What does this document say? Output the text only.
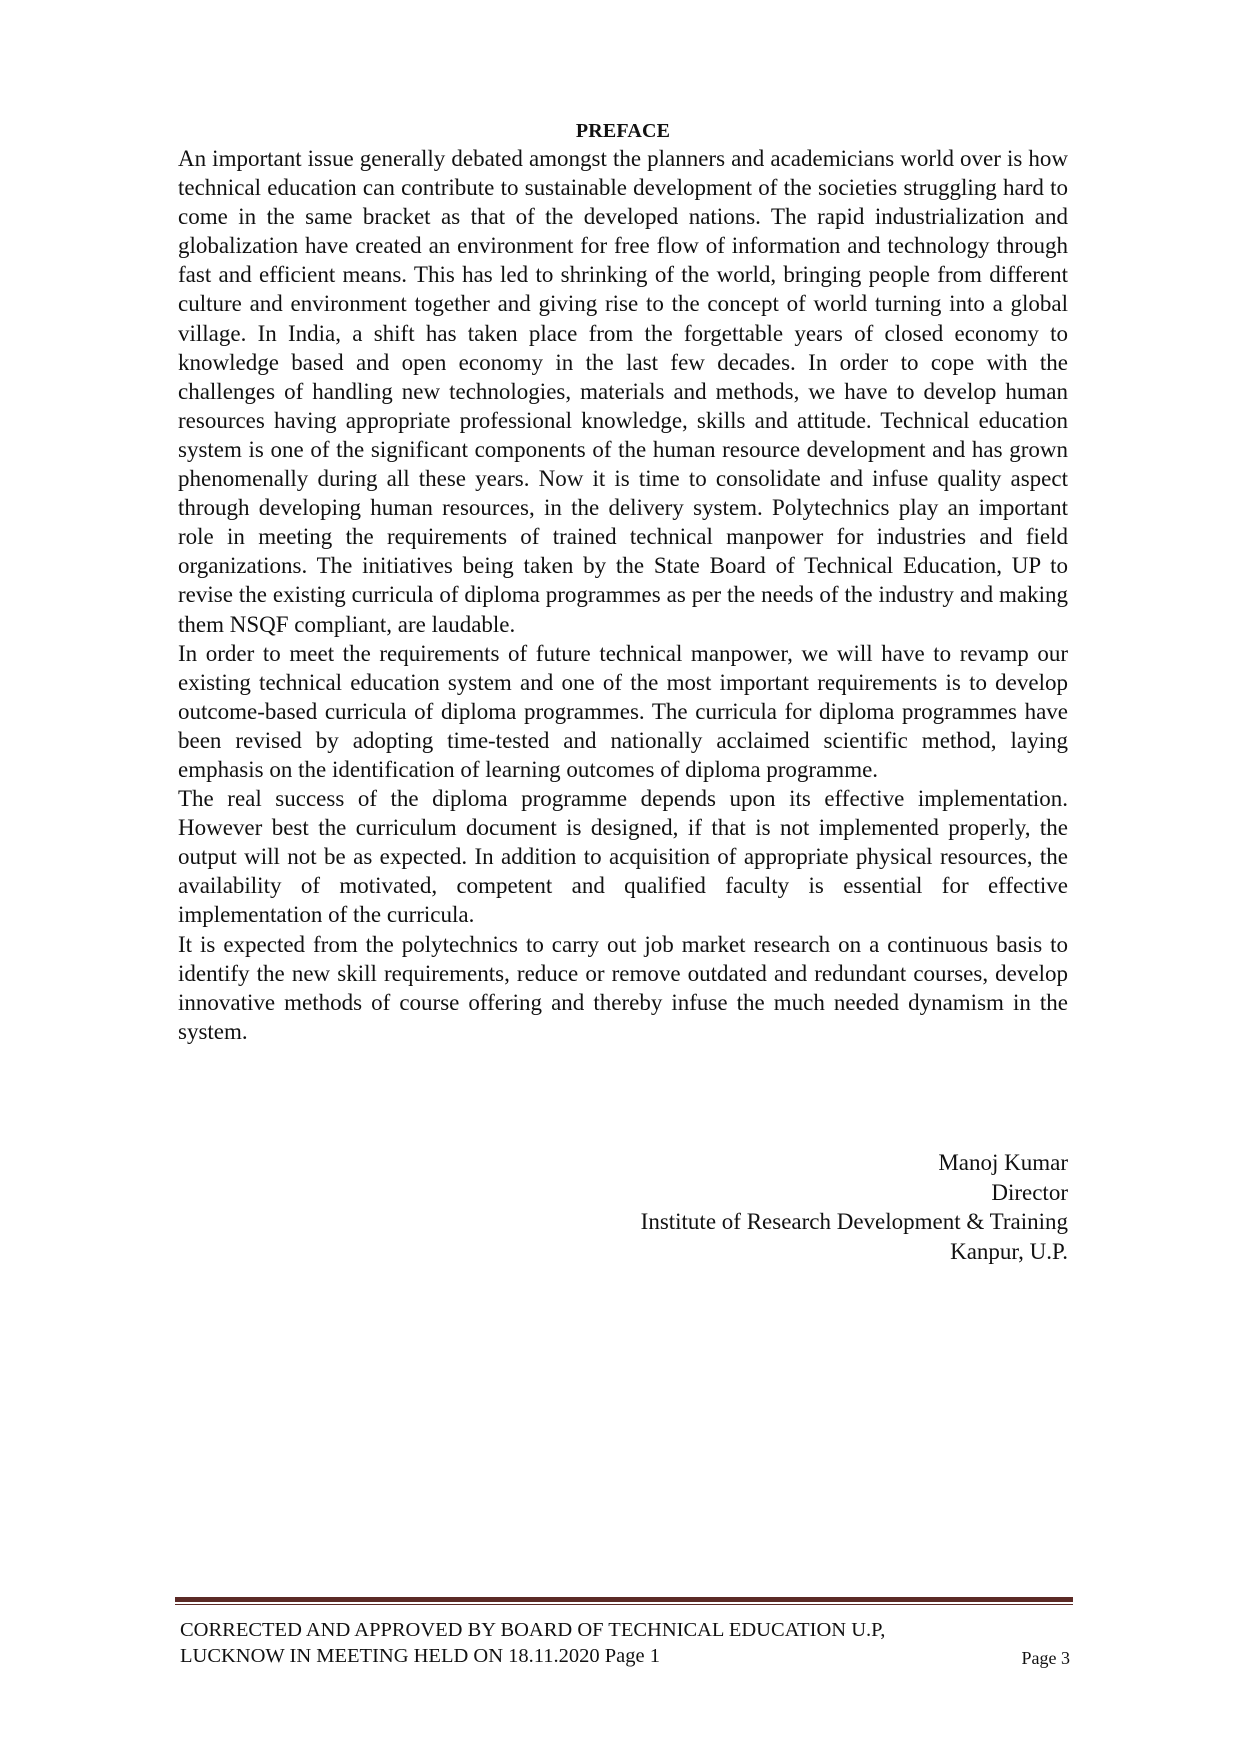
PREFACE

An important issue generally debated amongst the planners and academicians world over is how technical education can contribute to sustainable development of the societies struggling hard to come in the same bracket as that of the developed nations. The rapid industrialization and globalization have created an environment for free flow of information and technology through fast and efficient means. This has led to shrinking of the world, bringing people from different culture and environment together and giving rise to the concept of world turning into a global village. In India, a shift has taken place from the forgettable years of closed economy to knowledge based and open economy in the last few decades. In order to cope with the challenges of handling new technologies, materials and methods, we have to develop human resources having appropriate professional knowledge, skills and attitude. Technical education system is one of the significant components of the human resource development and has grown phenomenally during all these years. Now it is time to consolidate and infuse quality aspect through developing human resources, in the delivery system. Polytechnics play an important role in meeting the requirements of trained technical manpower for industries and field organizations. The initiatives being taken by the State Board of Technical Education, UP to revise the existing curricula of diploma programmes as per the needs of the industry and making them NSQF compliant, are laudable.

In order to meet the requirements of future technical manpower, we will have to revamp our existing technical education system and one of the most important requirements is to develop outcome-based curricula of diploma programmes. The curricula for diploma programmes have been revised by adopting time-tested and nationally acclaimed scientific method, laying emphasis on the identification of learning outcomes of diploma programme.

The real success of the diploma programme depends upon its effective implementation. However best the curriculum document is designed, if that is not implemented properly, the output will not be as expected. In addition to acquisition of appropriate physical resources, the availability of motivated, competent and qualified faculty is essential for effective implementation of the curricula.

It is expected from the polytechnics to carry out job market research on a continuous basis to identify the new skill requirements, reduce or remove outdated and redundant courses, develop innovative methods of course offering and thereby infuse the much needed dynamism in the system.

Manoj Kumar
Director
Institute of Research Development & Training
Kanpur, U.P.
CORRECTED AND APPROVED BY BOARD OF TECHNICAL EDUCATION U.P,
LUCKNOW IN MEETING HELD ON 18.11.2020 Page 1	Page 3
